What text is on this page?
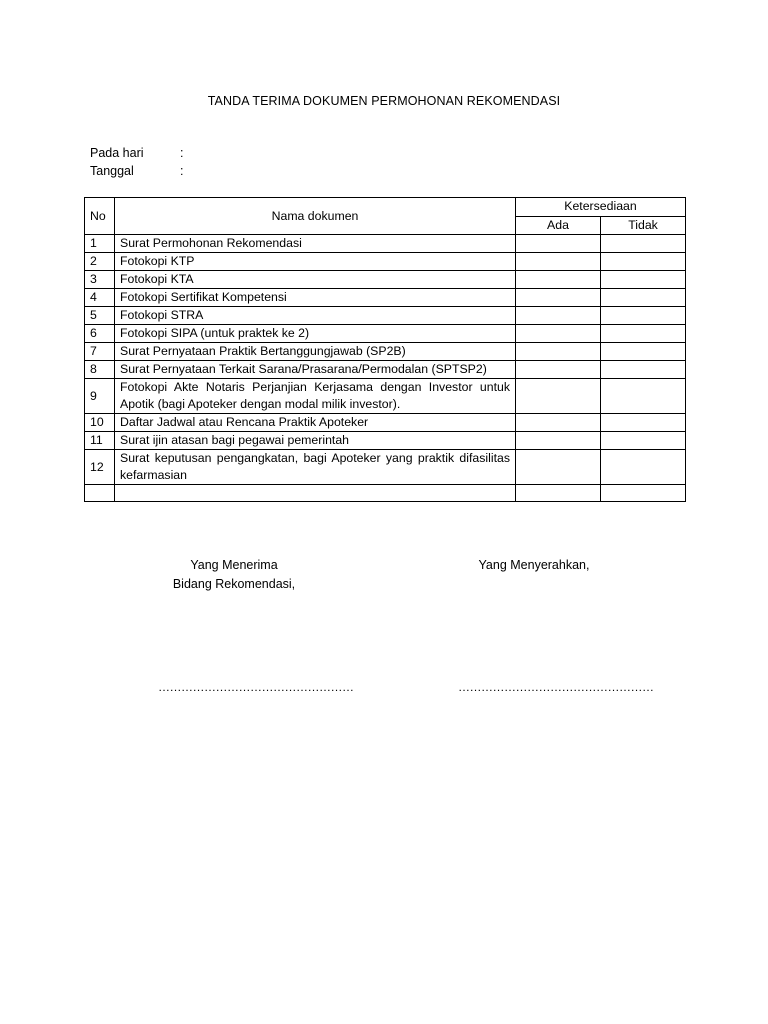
TANDA TERIMA DOKUMEN PERMOHONAN REKOMENDASI
Pada hari	:
Tanggal	:
No	Nama dokumen	Ketersediaan	
		Ada	Tidak
1	Surat Permohonan Rekomendasi		
2	Fotokopi KTP		
3	Fotokopi KTA		
4	Fotokopi Sertifikat Kompetensi		
5	Fotokopi STRA		
6	Fotokopi SIPA (untuk praktek ke 2)		
7	Surat Pernyataan Praktik Bertanggungjawab (SP2B)		
8	Surat Pernyataan Terkait Sarana/Prasarana/Permodalan (SPTSP2)		
9	Fotokopi Akte Notaris Perjanjian Kerjasama dengan Investor untuk Apotik (bagi Apoteker dengan modal milik investor).		
10	Daftar Jadwal atau Rencana Praktik Apoteker		
11	Surat ijin atasan bagi pegawai pemerintah		
12	Surat keputusan pengangkatan, bagi Apoteker yang praktik difasilitas kefarmasian		

Yang Menerima
Bidang Rekomendasi,
Yang Menyerahkan,
……………………………………………	……………………………………………
